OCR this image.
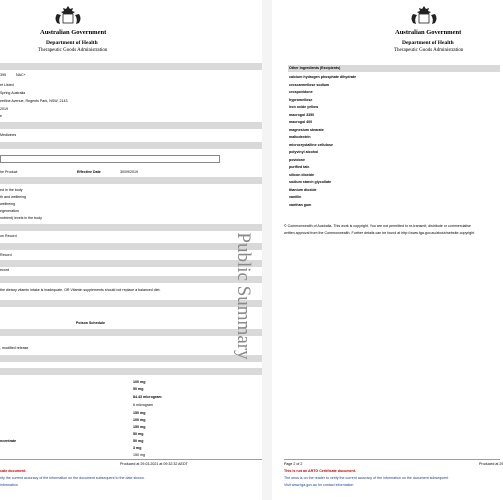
Australian Government
Department of Health
Therapeutic Goods Administration
395	NAC+
et Listed
Spring Australia
eetline Avenue, Regents Park, NSW, 2143
2019
e
Medicines
he Product	Effective Date	30/09/2019
ed in the body
th and wellbeing
wellbeing
egeneration
nutrient) levels in the body
on Record
Record
ecord
the dietary vitamin intake is inadequate. OR Vitamin supplements should not replace a balanced diet.
Poison Schedule
, modified release
100 mg
50 mg
84.43 microgram
6 microgram
150 mg
100 mg
150 mg
50 mg
50 mg
3 mg
150 mg
ncentrate
Produced at 29.03.2021 at 09:32:32 AEDT
cate document.
rify the current accuracy of the information on the document subsequent to the date shown.
information
Public Summary
Australian Government
Department of Health
Therapeutic Goods Administration
Other Ingredients (Excipients)
calcium hydrogen phosphate dihydrate
croscarmellose sodium
crospovidone
hypromellose
iron oxide yellow
macrogol 3350
macrogol 400
magnesium stearate
maltodextrin
microcrystalline cellulose
polyvinyl alcohol
povidone
purified talc
silicon dioxide
sodium starch glycollate
titanium dioxide
vanillin
xanthan gum
© Commonwealth of Australia. This work is copyright. You are not permitted to re-transmit, distribute or commercialise
written approval from the Commonwealth. Further details can be found at http://www.tga.gov.au/about/website-copyright
Page 2 of 2	Produced at 29
This is not an ARTG Certificate document.
The onus is on the reader to verify the current accuracy of the information on the document subsequent
Visit www.tga.gov.au for contact information
